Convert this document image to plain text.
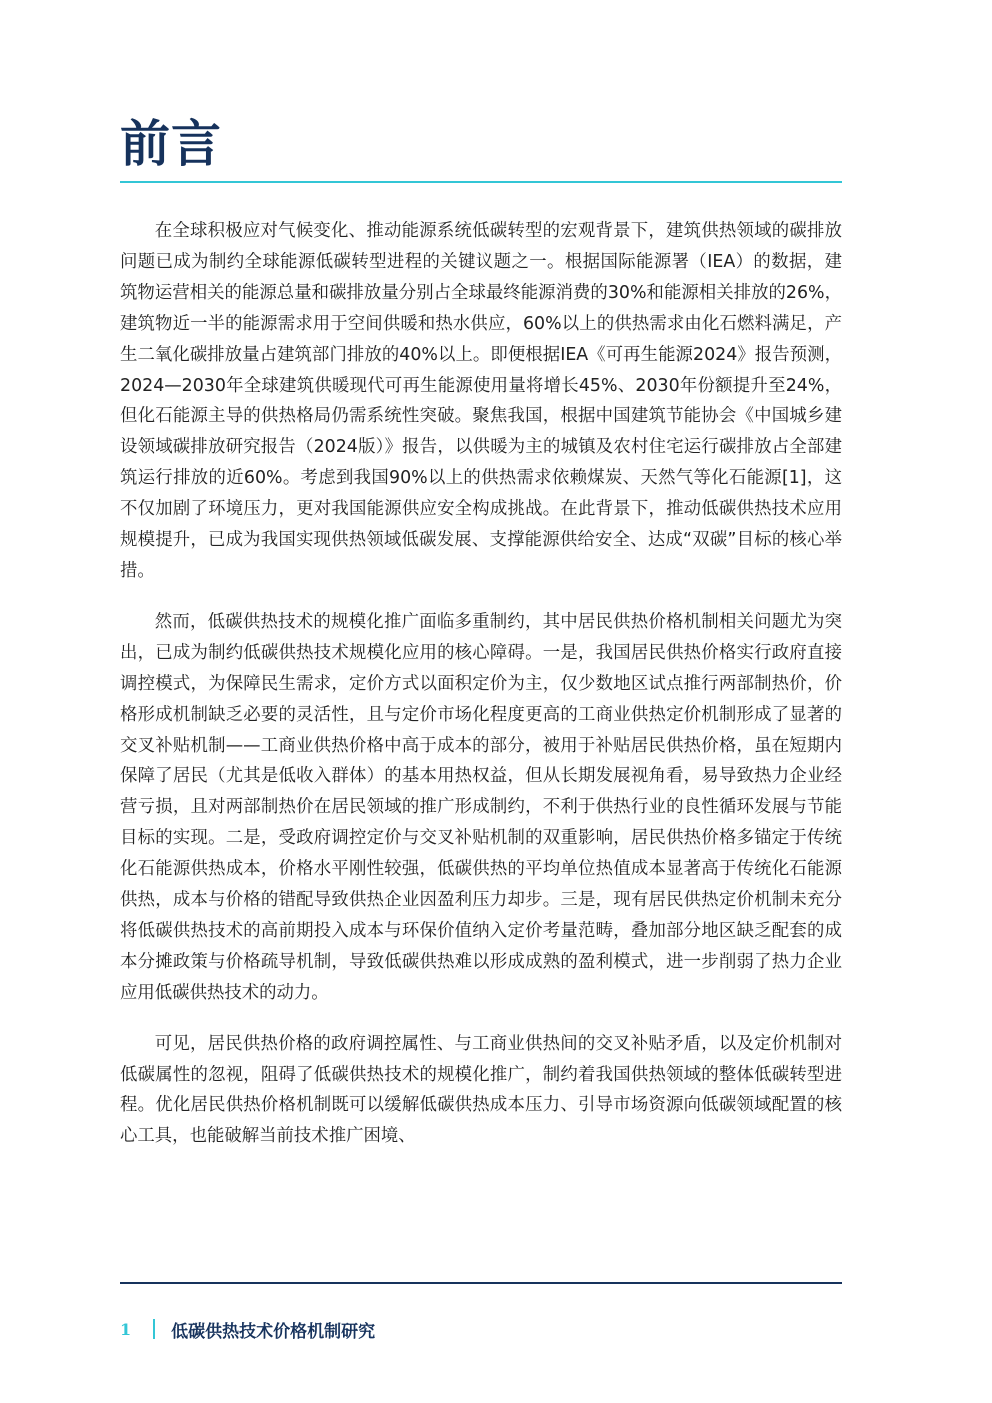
前言

在全球积极应对气候变化、推动能源系统低碳转型的宏观背景下，建筑供热领域的碳排放问题已成为制约全球能源低碳转型进程的关键议题之一。根据国际能源署（IEA）的数据，建筑物运营相关的能源总量和碳排放量分别占全球最终能源消费的30%和能源相关排放的26%，建筑物近一半的能源需求用于空间供暖和热水供应，60%以上的供热需求由化石燃料满足，产生二氧化碳排放量占建筑部门排放的40%以上。即便根据IEA《可再生能源2024》报告预测，2024—2030年全球建筑供暖现代可再生能源使用量将增长45%、2030年份额提升至24%，但化石能源主导的供热格局仍需系统性突破。聚焦我国，根据中国建筑节能协会《中国城乡建设领域碳排放研究报告（2024版）》报告，以供暖为主的城镇及农村住宅运行碳排放占全部建筑运行排放的近60%。考虑到我国90%以上的供热需求依赖煤炭、天然气等化石能源[1]，这不仅加剧了环境压力，更对我国能源供应安全构成挑战。在此背景下，推动低碳供热技术应用规模提升，已成为我国实现供热领域低碳发展、支撑能源供给安全、达成“双碳”目标的核心举措。

然而，低碳供热技术的规模化推广面临多重制约，其中居民供热价格机制相关问题尤为突出，已成为制约低碳供热技术规模化应用的核心障碍。一是，我国居民供热价格实行政府直接调控模式，为保障民生需求，定价方式以面积定价为主，仅少数地区试点推行两部制热价，价格形成机制缺乏必要的灵活性，且与定价市场化程度更高的工商业供热定价机制形成了显著的交叉补贴机制——工商业供热价格中高于成本的部分，被用于补贴居民供热价格，虽在短期内保障了居民（尤其是低收入群体）的基本用热权益，但从长期发展视角看，易导致热力企业经营亏损，且对两部制热价在居民领域的推广形成制约，不利于供热行业的良性循环发展与节能目标的实现。二是，受政府调控定价与交叉补贴机制的双重影响，居民供热价格多锚定于传统化石能源供热成本，价格水平刚性较强，低碳供热的平均单位热值成本显著高于传统化石能源供热，成本与价格的错配导致供热企业因盈利压力却步。三是，现有居民供热定价机制未充分将低碳供热技术的高前期投入成本与环保价值纳入定价考量范畴，叠加部分地区缺乏配套的成本分摊政策与价格疏导机制，导致低碳供热难以形成成熟的盈利模式，进一步削弱了热力企业应用低碳供热技术的动力。

可见，居民供热价格的政府调控属性、与工商业供热间的交叉补贴矛盾，以及定价机制对低碳属性的忽视，阻碍了低碳供热技术的规模化推广，制约着我国供热领域的整体低碳转型进程。优化居民供热价格机制既可以缓解低碳供热成本压力、引导市场资源向低碳领域配置的核心工具，也能破解当前技术推广困境、

1 低碳供热技术价格机制研究
